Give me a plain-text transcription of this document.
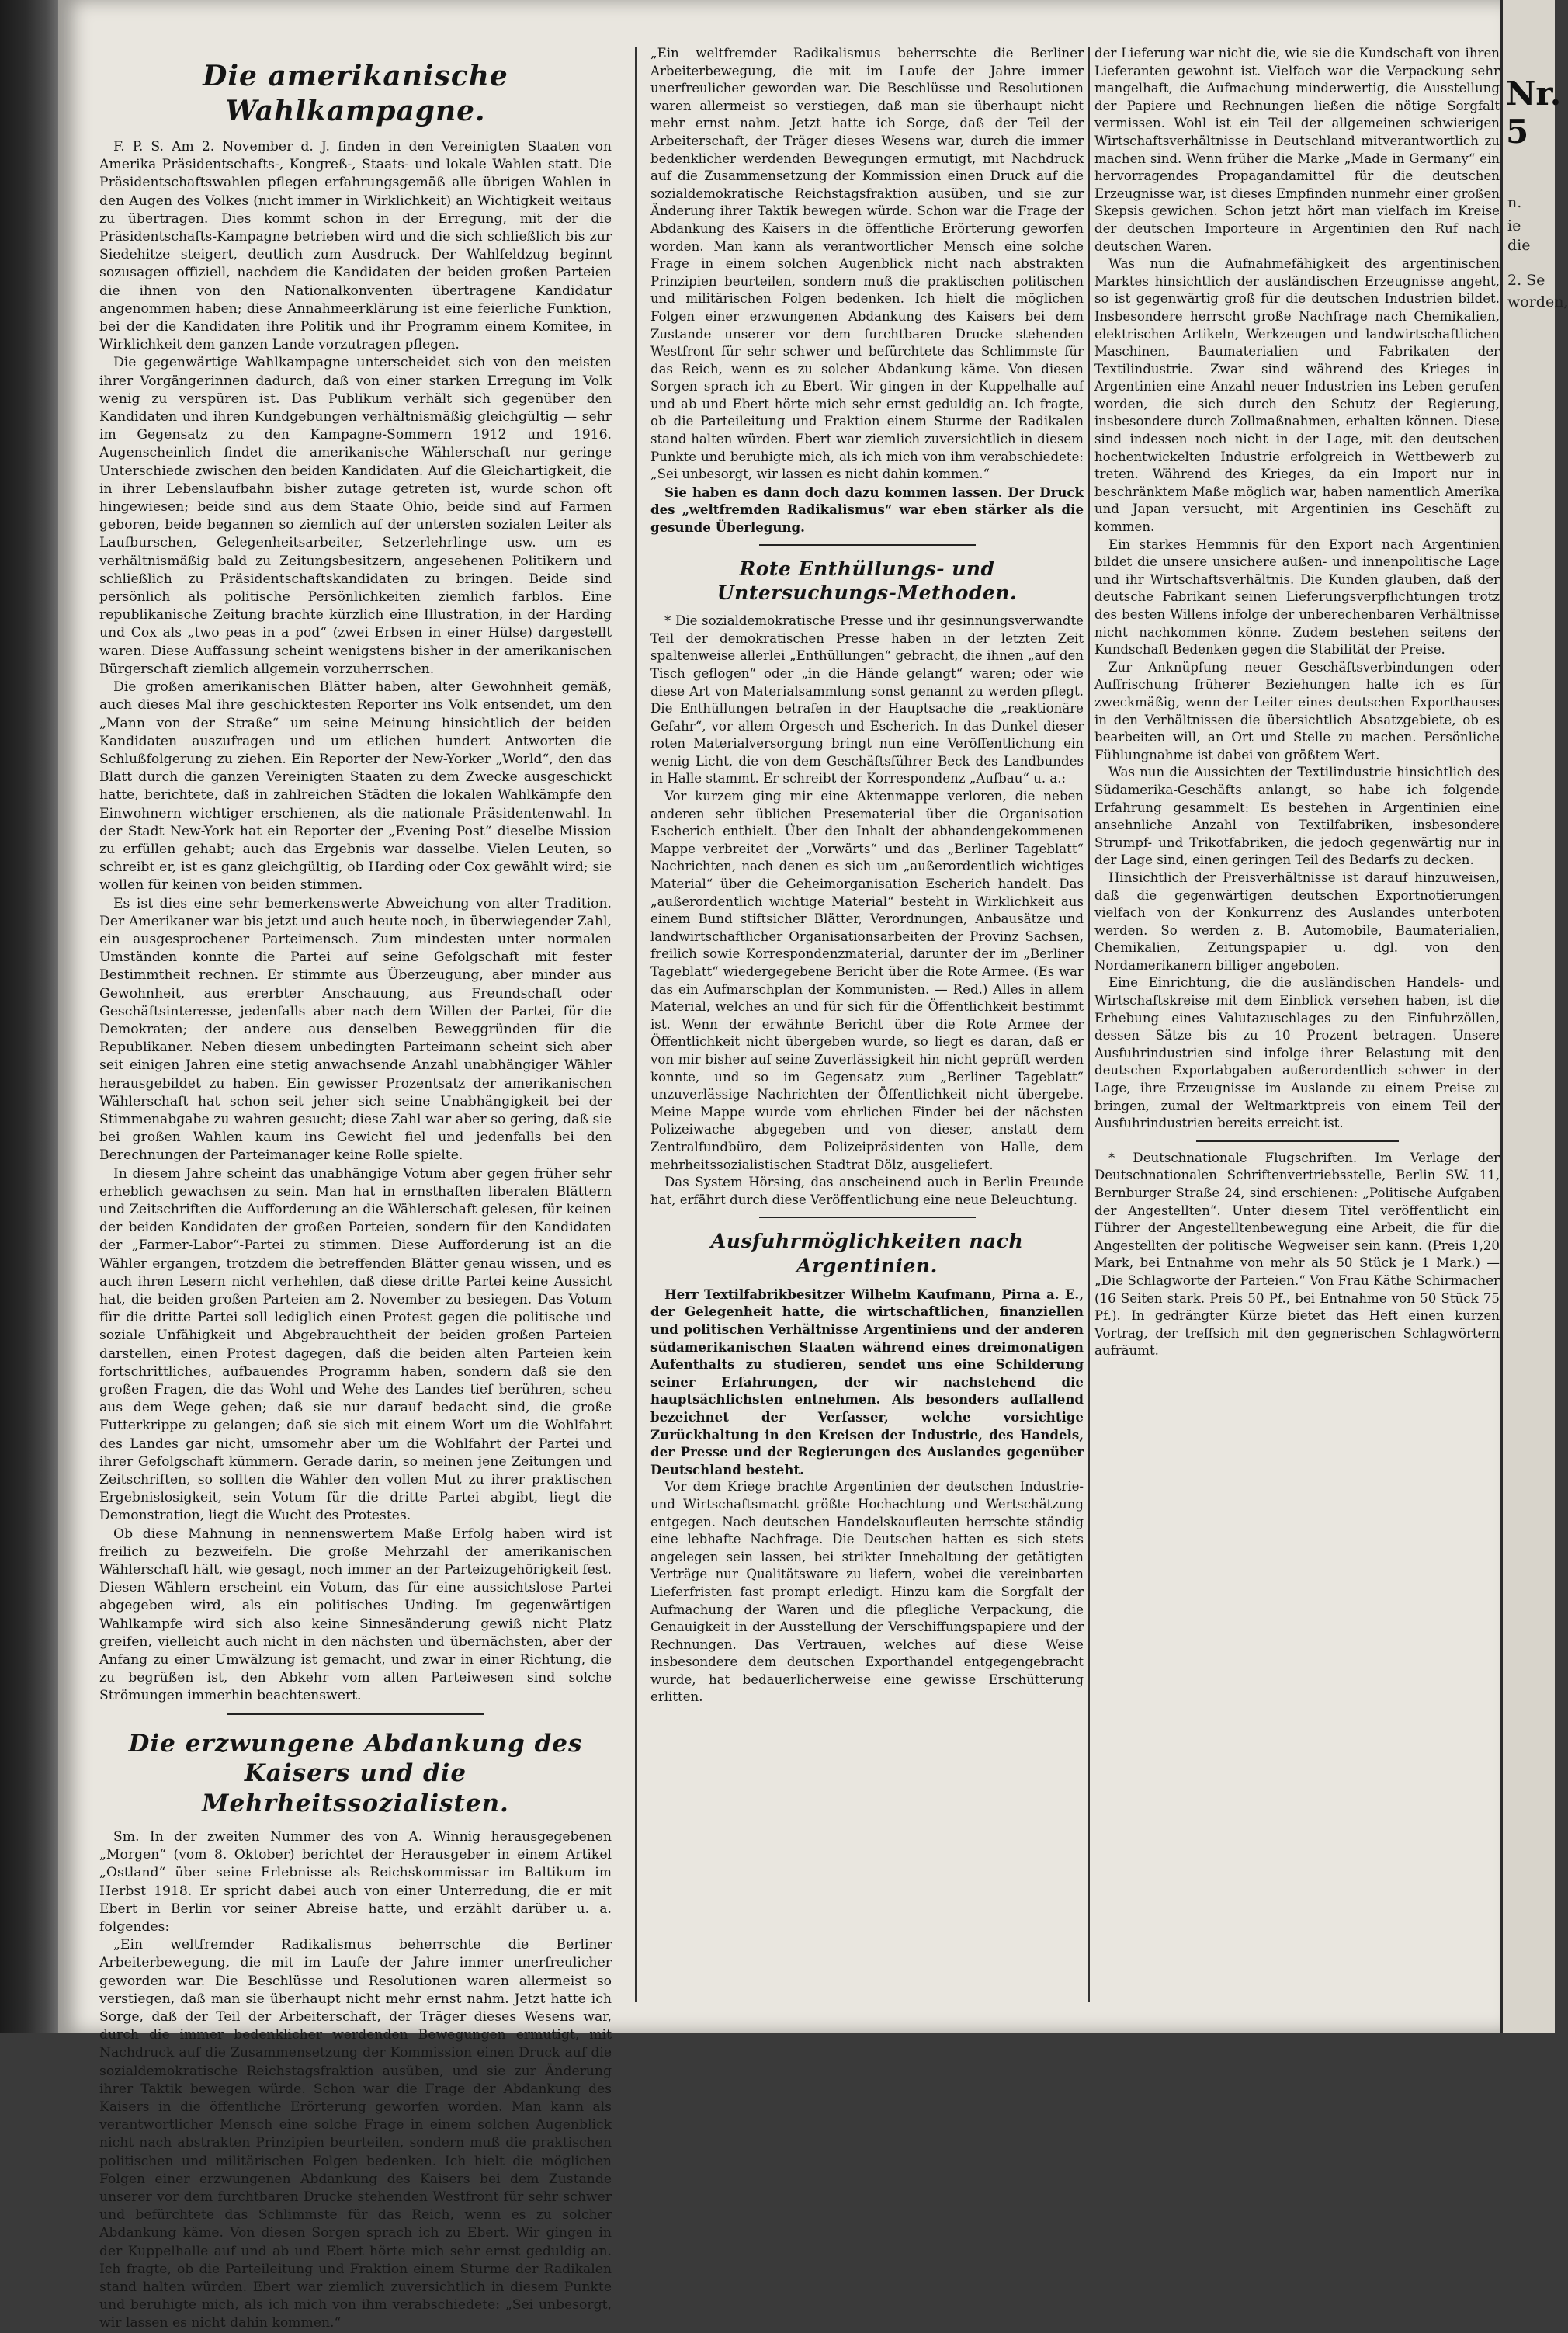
Nr. 5
n.
ie
die
2. Se
worden,
Die amerikanische Wahlkampagne.

F. P. S. Am 2. November d. J. finden in den Vereinigten Staaten von Amerika Präsidentschafts-, Kongreß-, Staats- und lokale Wahlen statt. Die Präsidentschaftswahlen pflegen erfahrungsgemäß alle übrigen Wahlen in den Augen des Volkes (nicht immer in Wirklichkeit) an Wichtigkeit weitaus zu übertragen. Dies kommt schon in der Erregung, mit der die Präsidentschafts-Kampagne betrieben wird und die sich schließlich bis zur Siedehitze steigert, deutlich zum Ausdruck. Der Wahlfeldzug beginnt sozusagen offiziell, nachdem die Kandidaten der beiden großen Parteien die ihnen von den Nationalkonventen übertragene Kandidatur angenommen haben; diese Annahmeerklärung ist eine feierliche Funktion, bei der die Kandidaten ihre Politik und ihr Programm einem Komitee, in Wirklichkeit dem ganzen Lande vorzutragen pflegen.

Die gegenwärtige Wahlkampagne unterscheidet sich von den meisten ihrer Vorgängerinnen dadurch, daß von einer starken Erregung im Volk wenig zu verspüren ist. Das Publikum verhält sich gegenüber den Kandidaten und ihren Kundgebungen verhältnismäßig gleichgültig — sehr im Gegensatz zu den Kampagne-Sommern 1912 und 1916. Augenscheinlich findet die amerikanische Wählerschaft nur geringe Unterschiede zwischen den beiden Kandidaten. Auf die Gleichartigkeit, die in ihrer Lebenslaufbahn bisher zutage getreten ist, wurde schon oft hingewiesen; beide sind aus dem Staate Ohio, beide sind auf Farmen geboren, beide begannen so ziemlich auf der untersten sozialen Leiter als Laufburschen, Gelegenheitsarbeiter, Setzerlehrlinge usw. um es verhältnismäßig bald zu Zeitungsbesitzern, angesehenen Politikern und schließlich zu Präsidentschaftskandidaten zu bringen. Beide sind persönlich als politische Persönlichkeiten ziemlich farblos. Eine republikanische Zeitung brachte kürzlich eine Illustration, in der Harding und Cox als „two peas in a pod“ (zwei Erbsen in einer Hülse) dargestellt waren. Diese Auffassung scheint wenigstens bisher in der amerikanischen Bürgerschaft ziemlich allgemein vorzuherrschen.

Die großen amerikanischen Blätter haben, alter Gewohnheit gemäß, auch dieses Mal ihre geschicktesten Reporter ins Volk entsendet, um den „Mann von der Straße“ um seine Meinung hinsichtlich der beiden Kandidaten auszufragen und um etlichen hundert Antworten die Schlußfolgerung zu ziehen. Ein Reporter der New-Yorker „World“, den das Blatt durch die ganzen Vereinigten Staaten zu dem Zwecke ausgeschickt hatte, berichtete, daß in zahlreichen Städten die lokalen Wahlkämpfe den Einwohnern wichtiger erschienen, als die nationale Präsidentenwahl. In der Stadt New-York hat ein Reporter der „Evening Post“ dieselbe Mission zu erfüllen gehabt; auch das Ergebnis war dasselbe. Vielen Leuten, so schreibt er, ist es ganz gleichgültig, ob Harding oder Cox gewählt wird; sie wollen für keinen von beiden stimmen.

Es ist dies eine sehr bemerkenswerte Abweichung von alter Tradition. Der Amerikaner war bis jetzt und auch heute noch, in überwiegender Zahl, ein ausgesprochener Parteimensch. Zum mindesten unter normalen Umständen konnte die Partei auf seine Gefolgschaft mit fester Bestimmtheit rechnen. Er stimmte aus Überzeugung, aber minder aus Gewohnheit, aus ererbter Anschauung, aus Freundschaft oder Geschäftsinteresse, jedenfalls aber nach dem Willen der Partei, für die Demokraten; der andere aus denselben Beweggründen für die Republikaner. Neben diesem unbedingten Parteimann scheint sich aber seit einigen Jahren eine stetig anwachsende Anzahl unabhängiger Wähler herausgebildet zu haben. Ein gewisser Prozentsatz der amerikanischen Wählerschaft hat schon seit jeher sich seine Unabhängigkeit bei der Stimmenabgabe zu wahren gesucht; diese Zahl war aber so gering, daß sie bei großen Wahlen kaum ins Gewicht fiel und jedenfalls bei den Berechnungen der Parteimanager keine Rolle spielte.

In diesem Jahre scheint das unabhängige Votum aber gegen früher sehr erheblich gewachsen zu sein. Man hat in ernsthaften liberalen Blättern und Zeitschriften die Aufforderung an die Wählerschaft gelesen, für keinen der beiden Kandidaten der großen Parteien, sondern für den Kandidaten der „Farmer-Labor“-Partei zu stimmen. Diese Aufforderung ist an die Wähler ergangen, trotzdem die betreffenden Blätter genau wissen, und es auch ihren Lesern nicht verhehlen, daß diese dritte Partei keine Aussicht hat, die beiden großen Parteien am 2. November zu besiegen. Das Votum für die dritte Partei soll lediglich einen Protest gegen die politische und soziale Unfähigkeit und Abgebrauchtheit der beiden großen Parteien darstellen, einen Protest dagegen, daß die beiden alten Parteien kein fortschrittliches, aufbauendes Programm haben, sondern daß sie den großen Fragen, die das Wohl und Wehe des Landes tief berühren, scheu aus dem Wege gehen; daß sie nur darauf bedacht sind, die große Futterkrippe zu gelangen; daß sie sich mit einem Wort um die Wohlfahrt des Landes gar nicht, umsomehr aber um die Wohlfahrt der Partei und ihrer Gefolgschaft kümmern. Gerade darin, so meinen jene Zeitungen und Zeitschriften, so sollten die Wähler den vollen Mut zu ihrer praktischen Ergebnislosigkeit, sein Votum für die dritte Partei abgibt, liegt die Demonstration, liegt die Wucht des Protestes.

Ob diese Mahnung in nennenswertem Maße Erfolg haben wird ist freilich zu bezweifeln. Die große Mehrzahl der amerikanischen Wählerschaft hält, wie gesagt, noch immer an der Parteizugehörigkeit fest. Diesen Wählern erscheint ein Votum, das für eine aussichtslose Partei abgegeben wird, als ein politisches Unding. Im gegenwärtigen Wahlkampfe wird sich also keine Sinnesänderung gewiß nicht Platz greifen, vielleicht auch nicht in den nächsten und übernächsten, aber der Anfang zu einer Umwälzung ist gemacht, und zwar in einer Richtung, die zu begrüßen ist, den Abkehr vom alten Parteiwesen sind solche Strömungen immerhin beachtenswert.

Die erzwungene Abdankung des Kaisers und die Mehrheitssozialisten.

Sm. In der zweiten Nummer des von A. Winnig herausgegebenen „Morgen“ (vom 8. Oktober) berichtet der Herausgeber in einem Artikel „Ostland“ über seine Erlebnisse als Reichskommissar im Baltikum im Herbst 1918. Er spricht dabei auch von einer Unterredung, die er mit Ebert in Berlin vor seiner Abreise hatte, und erzählt darüber u. a. folgendes:

„Ein weltfremder Radikalismus beherrschte die Berliner Arbeiterbewegung, die mit im Laufe der Jahre immer unerfreulicher geworden war. Die Beschlüsse und Resolutionen waren allermeist so verstiegen, daß man sie überhaupt nicht mehr ernst nahm. Jetzt hatte ich Sorge, daß der Teil der Arbeiterschaft, der Träger dieses Wesens war, durch die immer bedenklicher werdenden Bewegungen ermutigt, mit Nachdruck auf die Zusammensetzung der Kommission einen Druck auf die sozialdemokratische Reichstagsfraktion ausüben, und sie zur Änderung ihrer Taktik bewegen würde. Schon war die Frage der Abdankung des Kaisers in die öffentliche Erörterung geworfen worden. Man kann als verantwortlicher Mensch eine solche Frage in einem solchen Augenblick nicht nach abstrakten Prinzipien beurteilen, sondern muß die praktischen politischen und militärischen Folgen bedenken. Ich hielt die möglichen Folgen einer erzwungenen Abdankung des Kaisers bei dem Zustande unserer vor dem furchtbaren Drucke stehenden Westfront für sehr schwer und befürchtete das Schlimmste für das Reich, wenn es zu solcher Abdankung käme. Von diesen Sorgen sprach ich zu Ebert. Wir gingen in der Kuppelhalle auf und ab und Ebert hörte mich sehr ernst geduldig an. Ich fragte, ob die Parteileitung und Fraktion einem Sturme der Radikalen stand halten würden. Ebert war ziemlich zuversichtlich in diesem Punkte und beruhigte mich, als ich mich von ihm verabschiedete: „Sei unbesorgt, wir lassen es nicht dahin kommen.“

„Ein weltfremder Radikalismus beherrschte die Berliner Arbeiterbewegung, die mit im Laufe der Jahre immer unerfreulicher geworden war. Die Beschlüsse und Resolutionen waren allermeist so verstiegen, daß man sie überhaupt nicht mehr ernst nahm. Jetzt hatte ich Sorge, daß der Teil der Arbeiterschaft, der Träger dieses Wesens war, durch die immer bedenklicher werdenden Bewegungen ermutigt, mit Nachdruck auf die Zusammensetzung der Kommission einen Druck auf die sozialdemokratische Reichstagsfraktion ausüben, und sie zur Änderung ihrer Taktik bewegen würde. Schon war die Frage der Abdankung des Kaisers in die öffentliche Erörterung geworfen worden. Man kann als verantwortlicher Mensch eine solche Frage in einem solchen Augenblick nicht nach abstrakten Prinzipien beurteilen, sondern muß die praktischen politischen und militärischen Folgen bedenken. Ich hielt die möglichen Folgen einer erzwungenen Abdankung des Kaisers bei dem Zustande unserer vor dem furchtbaren Drucke stehenden Westfront für sehr schwer und befürchtete das Schlimmste für das Reich, wenn es zu solcher Abdankung käme. Von diesen Sorgen sprach ich zu Ebert. Wir gingen in der Kuppelhalle auf und ab und Ebert hörte mich sehr ernst geduldig an. Ich fragte, ob die Parteileitung und Fraktion einem Sturme der Radikalen stand halten würden. Ebert war ziemlich zuversichtlich in diesem Punkte und beruhigte mich, als ich mich von ihm verabschiedete: „Sei unbesorgt, wir lassen es nicht dahin kommen.“

Sie haben es dann doch dazu kommen lassen. Der Druck des „weltfremden Radikalismus“ war eben stärker als die gesunde Überlegung.

Rote Enthüllungs- und Untersuchungs-Methoden.

* Die sozialdemokratische Presse und ihr gesinnungsverwandte Teil der demokratischen Presse haben in der letzten Zeit spaltenweise allerlei „Enthüllungen“ gebracht, die ihnen „auf den Tisch geflogen“ oder „in die Hände gelangt“ waren; oder wie diese Art von Materialsammlung sonst genannt zu werden pflegt. Die Enthüllungen betrafen in der Hauptsache die „reaktionäre Gefahr“, vor allem Orgesch und Escherich. In das Dunkel dieser roten Materialversorgung bringt nun eine Veröffentlichung ein wenig Licht, die von dem Geschäftsführer Beck des Landbundes in Halle stammt. Er schreibt der Korrespondenz „Aufbau“ u. a.:

Vor kurzem ging mir eine Aktenmappe verloren, die neben anderen sehr üblichen Presematerial über die Organisation Escherich enthielt. Über den Inhalt der abhandengekommenen Mappe verbreitet der „Vorwärts“ und das „Berliner Tageblatt“ Nachrichten, nach denen es sich um „außerordentlich wichtiges Material“ über die Geheimorganisation Escherich handelt. Das „außerordentlich wichtige Material“ besteht in Wirklichkeit aus einem Bund stiftsicher Blätter, Verordnungen, Anbausätze und landwirtschaftlicher Organisationsarbeiten der Provinz Sachsen, freilich sowie Korrespondenzmaterial, darunter der im „Berliner Tageblatt“ wiedergegebene Bericht über die Rote Armee. (Es war das ein Aufmarschplan der Kommunisten. — Red.) Alles in allem Material, welches an und für sich für die Öffentlichkeit bestimmt ist. Wenn der erwähnte Bericht über die Rote Armee der Öffentlichkeit nicht übergeben wurde, so liegt es daran, daß er von mir bisher auf seine Zuverlässigkeit hin nicht geprüft werden konnte, und so im Gegensatz zum „Berliner Tageblatt“ unzuverlässige Nachrichten der Öffentlichkeit nicht übergebe. Meine Mappe wurde vom ehrlichen Finder bei der nächsten Polizeiwache abgegeben und von dieser, anstatt dem Zentralfundbüro, dem Polizeipräsidenten von Halle, dem mehrheitssozialistischen Stadtrat Dölz, ausgeliefert.

Das System Hörsing, das anscheinend auch in Berlin Freunde hat, erfährt durch diese Veröffentlichung eine neue Beleuchtung.

Ausfuhrmöglichkeiten nach Argentinien.

Herr Textilfabrikbesitzer Wilhelm Kaufmann, Pirna a. E., der Gelegenheit hatte, die wirtschaftlichen, finanziellen und politischen Verhältnisse Argentiniens und der anderen südamerikanischen Staaten während eines dreimonatigen Aufenthalts zu studieren, sendet uns eine Schilderung seiner Erfahrungen, der wir nachstehend die hauptsächlichsten entnehmen. Als besonders auffallend bezeichnet der Verfasser, welche vorsichtige Zurückhaltung in den Kreisen der Industrie, des Handels, der Presse und der Regierungen des Auslandes gegenüber Deutschland besteht.

Vor dem Kriege brachte Argentinien der deutschen Industrie- und Wirtschaftsmacht größte Hochachtung und Wertschätzung entgegen. Nach deutschen Handelskaufleuten herrschte ständig eine lebhafte Nachfrage. Die Deutschen hatten es sich stets angelegen sein lassen, bei strikter Innehaltung der getätigten Verträge nur Qualitätsware zu liefern, wobei die vereinbarten Lieferfristen fast prompt erledigt. Hinzu kam die Sorgfalt der Aufmachung der Waren und die pflegliche Verpackung, die Genauigkeit in der Ausstellung der Verschiffungspapiere und der Rechnungen. Das Vertrauen, welches auf diese Weise insbesondere dem deutschen Exporthandel entgegengebracht wurde, hat bedauerlicherweise eine gewisse Erschütterung erlitten.

der Lieferung war nicht die, wie sie die Kundschaft von ihren Lieferanten gewohnt ist. Vielfach war die Verpackung sehr mangelhaft, die Aufmachung minderwertig, die Ausstellung der Papiere und Rechnungen ließen die nötige Sorgfalt vermissen. Wohl ist ein Teil der allgemeinen schwierigen Wirtschaftsverhältnisse in Deutschland mitverantwortlich zu machen sind. Wenn früher die Marke „Made in Germany“ ein hervorragendes Propagandamittel für die deutschen Erzeugnisse war, ist dieses Empfinden nunmehr einer großen Skepsis gewichen. Schon jetzt hört man vielfach im Kreise der deutschen Importeure in Argentinien den Ruf nach deutschen Waren.

Was nun die Aufnahmefähigkeit des argentinischen Marktes hinsichtlich der ausländischen Erzeugnisse angeht, so ist gegenwärtig groß für die deutschen Industrien bildet. Insbesondere herrscht große Nachfrage nach Chemikalien, elektrischen Artikeln, Werkzeugen und landwirtschaftlichen Maschinen, Baumaterialien und Fabrikaten der Textilindustrie. Zwar sind während des Krieges in Argentinien eine Anzahl neuer Industrien ins Leben gerufen worden, die sich durch den Schutz der Regierung, insbesondere durch Zollmaßnahmen, erhalten können. Diese sind indessen noch nicht in der Lage, mit den deutschen hochentwickelten Industrie erfolgreich in Wettbewerb zu treten. Während des Krieges, da ein Import nur in beschränktem Maße möglich war, haben namentlich Amerika und Japan versucht, mit Argentinien ins Geschäft zu kommen.

Ein starkes Hemmnis für den Export nach Argentinien bildet die unsere unsichere außen- und innenpolitische Lage und ihr Wirtschaftsverhältnis. Die Kunden glauben, daß der deutsche Fabrikant seinen Lieferungsverpflichtungen trotz des besten Willens infolge der unberechenbaren Verhältnisse nicht nachkommen könne. Zudem bestehen seitens der Kundschaft Bedenken gegen die Stabilität der Preise.

Zur Anknüpfung neuer Geschäftsverbindungen oder Auffrischung früherer Beziehungen halte ich es für zweckmäßig, wenn der Leiter eines deutschen Exporthauses in den Verhältnissen die übersichtlich Absatzgebiete, ob es bearbeiten will, an Ort und Stelle zu machen. Persönliche Fühlungnahme ist dabei von größtem Wert.

Was nun die Aussichten der Textilindustrie hinsichtlich des Südamerika-Geschäfts anlangt, so habe ich folgende Erfahrung gesammelt: Es bestehen in Argentinien eine ansehnliche Anzahl von Textilfabriken, insbesondere Strumpf- und Trikotfabriken, die jedoch gegenwärtig nur in der Lage sind, einen geringen Teil des Bedarfs zu decken.

Hinsichtlich der Preisverhältnisse ist darauf hinzuweisen, daß die gegenwärtigen deutschen Exportnotierungen vielfach von der Konkurrenz des Auslandes unterboten werden. So werden z. B. Automobile, Baumaterialien, Chemikalien, Zeitungspapier u. dgl. von den Nordamerikanern billiger angeboten.

Eine Einrichtung, die die ausländischen Handels- und Wirtschaftskreise mit dem Einblick versehen haben, ist die Erhebung eines Valutazuschlages zu den Einfuhrzöllen, dessen Sätze bis zu 10 Prozent betragen. Unsere Ausfuhrindustrien sind infolge ihrer Belastung mit den deutschen Exportabgaben außerordentlich schwer in der Lage, ihre Erzeugnisse im Auslande zu einem Preise zu bringen, zumal der Weltmarktpreis von einem Teil der Ausfuhrindustrien bereits erreicht ist.

* Deutschnationale Flugschriften. Im Verlage der Deutschnationalen Schriftenvertriebsstelle, Berlin SW. 11, Bernburger Straße 24, sind erschienen: „Politische Aufgaben der Angestellten“. Unter diesem Titel veröffentlicht ein Führer der Angestelltenbewegung eine Arbeit, die für die Angestellten der politische Wegweiser sein kann. (Preis 1,20 Mark, bei Entnahme von mehr als 50 Stück je 1 Mark.) — „Die Schlagworte der Parteien.“ Von Frau Käthe Schirmacher (16 Seiten stark. Preis 50 Pf., bei Entnahme von 50 Stück 75 Pf.). In gedrängter Kürze bietet das Heft einen kurzen Vortrag, der treffsich mit den gegnerischen Schlagwörtern aufräumt.
